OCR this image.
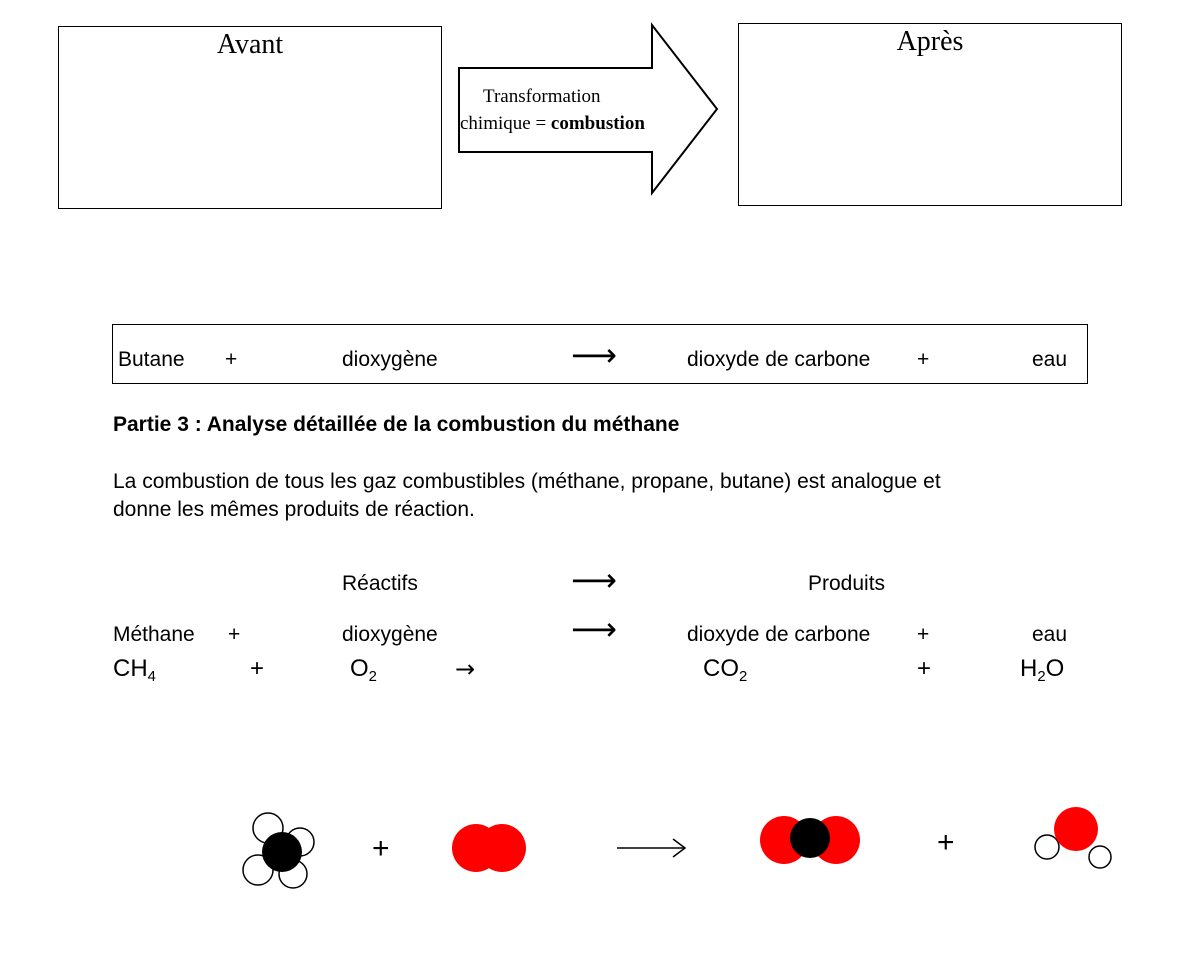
Avant
Transformation
chimique = combustion
Après
Butane +	dioxygène	⟶	dioxyde de carbone +	eau
Partie 3 : Analyse détaillée de la combustion du méthane
La combustion de tous les gaz combustibles (méthane, propane, butane) est analogue et
donne les mêmes produits de réaction.
Réactifs	⟶	Produits
Méthane +	dioxygène	⟶	dioxyde de carbone +	eau
$CH_4$	+	$O_2$	→	$CO_2$	+	$H_2O$
+	+
